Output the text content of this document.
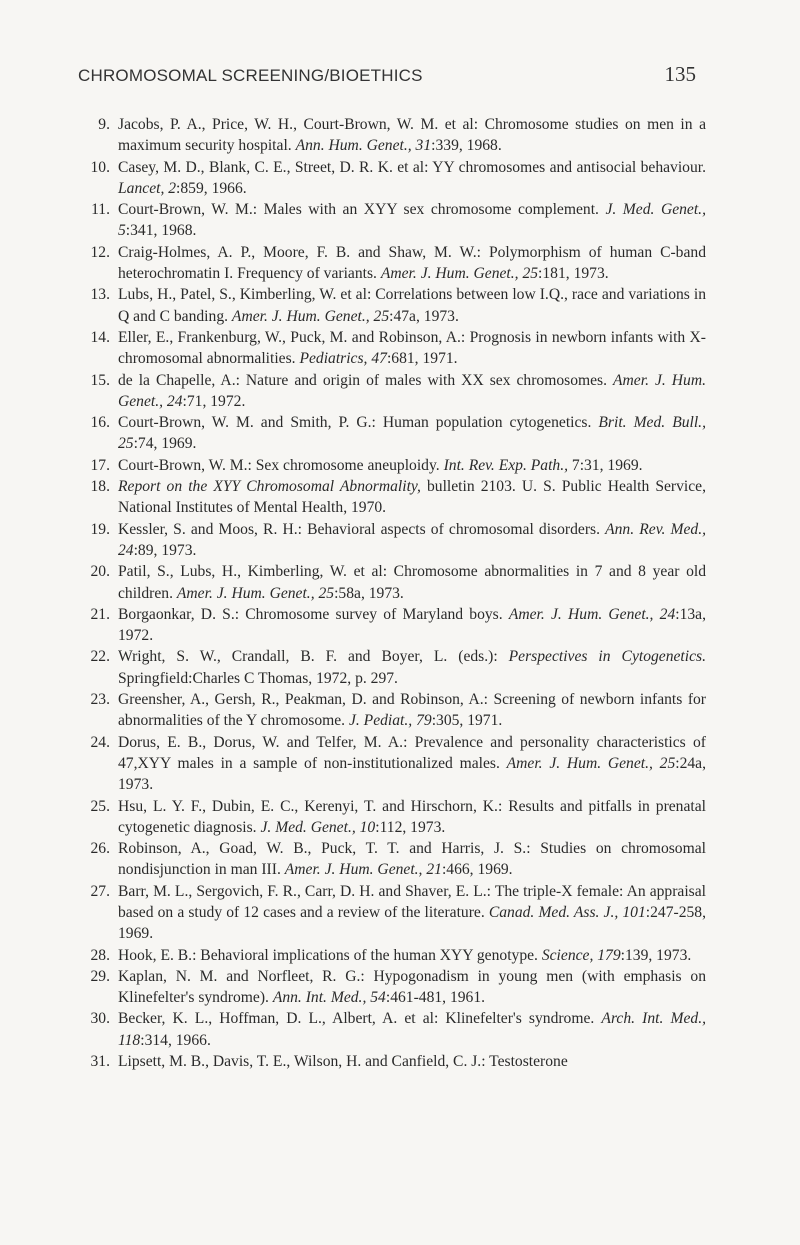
CHROMOSOMAL SCREENING/BIOETHICS	135
9. Jacobs, P. A., Price, W. H., Court-Brown, W. M. et al: Chromosome studies on men in a maximum security hospital. Ann. Hum. Genet., 31:339, 1968.
10. Casey, M. D., Blank, C. E., Street, D. R. K. et al: YY chromosomes and antisocial behaviour. Lancet, 2:859, 1966.
11. Court-Brown, W. M.: Males with an XYY sex chromosome complement. J. Med. Genet., 5:341, 1968.
12. Craig-Holmes, A. P., Moore, F. B. and Shaw, M. W.: Polymorphism of human C-band heterochromatin I. Frequency of variants. Amer. J. Hum. Genet., 25:181, 1973.
13. Lubs, H., Patel, S., Kimberling, W. et al: Correlations between low I.Q., race and variations in Q and C banding. Amer. J. Hum. Genet., 25:47a, 1973.
14. Eller, E., Frankenburg, W., Puck, M. and Robinson, A.: Prognosis in newborn infants with X-chromosomal abnormalities. Pediatrics, 47:681, 1971.
15. de la Chapelle, A.: Nature and origin of males with XX sex chromosomes. Amer. J. Hum. Genet., 24:71, 1972.
16. Court-Brown, W. M. and Smith, P. G.: Human population cytogenetics. Brit. Med. Bull., 25:74, 1969.
17. Court-Brown, W. M.: Sex chromosome aneuploidy. Int. Rev. Exp. Path., 7:31, 1969.
18. Report on the XYY Chromosomal Abnormality, bulletin 2103. U. S. Public Health Service, National Institutes of Mental Health, 1970.
19. Kessler, S. and Moos, R. H.: Behavioral aspects of chromosomal disorders. Ann. Rev. Med., 24:89, 1973.
20. Patil, S., Lubs, H., Kimberling, W. et al: Chromosome abnormalities in 7 and 8 year old children. Amer. J. Hum. Genet., 25:58a, 1973.
21. Borgaonkar, D. S.: Chromosome survey of Maryland boys. Amer. J. Hum. Genet., 24:13a, 1972.
22. Wright, S. W., Crandall, B. F. and Boyer, L. (eds.): Perspectives in Cytogenetics. Springfield:Charles C Thomas, 1972, p. 297.
23. Greensher, A., Gersh, R., Peakman, D. and Robinson, A.: Screening of newborn infants for abnormalities of the Y chromosome. J. Pediat., 79:305, 1971.
24. Dorus, E. B., Dorus, W. and Telfer, M. A.: Prevalence and personality characteristics of 47,XYY males in a sample of non-institutionalized males. Amer. J. Hum. Genet., 25:24a, 1973.
25. Hsu, L. Y. F., Dubin, E. C., Kerenyi, T. and Hirschorn, K.: Results and pitfalls in prenatal cytogenetic diagnosis. J. Med. Genet., 10:112, 1973.
26. Robinson, A., Goad, W. B., Puck, T. T. and Harris, J. S.: Studies on chromosomal nondisjunction in man III. Amer. J. Hum. Genet., 21:466, 1969.
27. Barr, M. L., Sergovich, F. R., Carr, D. H. and Shaver, E. L.: The triple-X female: An appraisal based on a study of 12 cases and a review of the literature. Canad. Med. Ass. J., 101:247-258, 1969.
28. Hook, E. B.: Behavioral implications of the human XYY genotype. Science, 179:139, 1973.
29. Kaplan, N. M. and Norfleet, R. G.: Hypogonadism in young men (with emphasis on Klinefelter's syndrome). Ann. Int. Med., 54:461-481, 1961.
30. Becker, K. L., Hoffman, D. L., Albert, A. et al: Klinefelter's syndrome. Arch. Int. Med., 118:314, 1966.
31. Lipsett, M. B., Davis, T. E., Wilson, H. and Canfield, C. J.: Testosterone
